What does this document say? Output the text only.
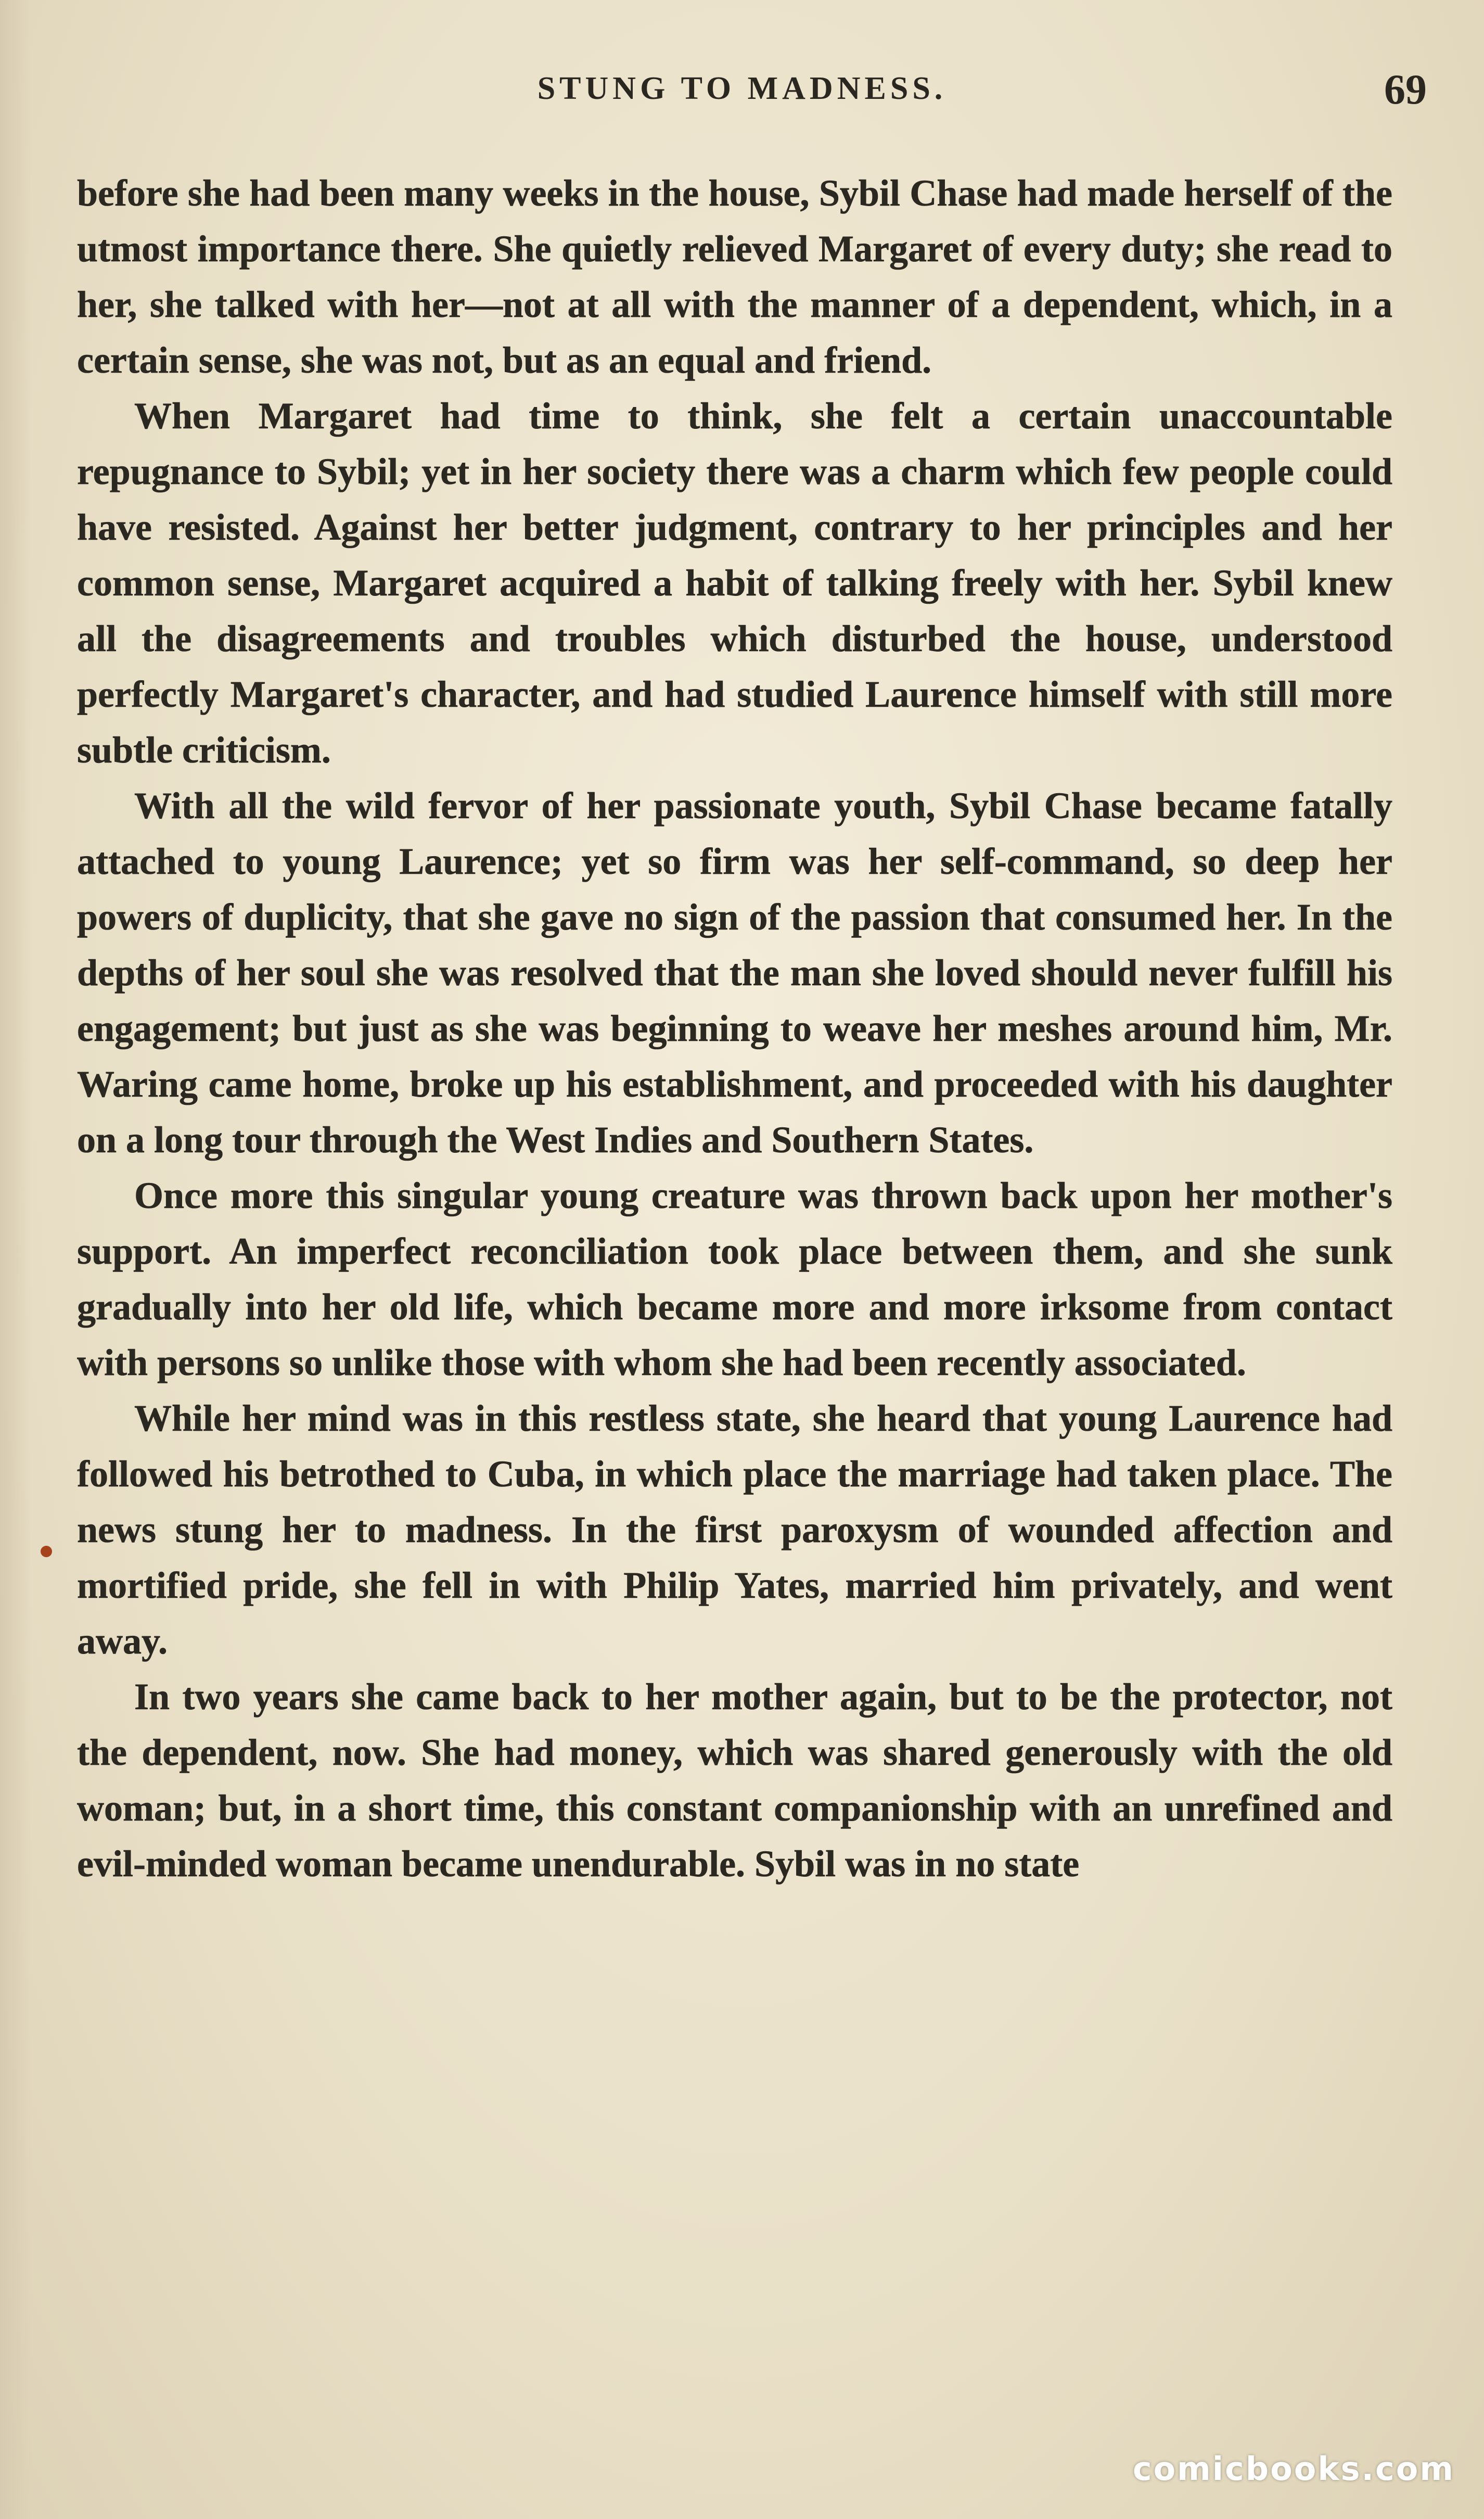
STUNG TO MADNESS.	69

before she had been many weeks in the house, Sybil Chase had made herself of the utmost importance there. She quietly relieved Margaret of every duty; she read to her, she talked with her—not at all with the manner of a dependent, which, in a certain sense, she was not, but as an equal and friend.

When Margaret had time to think, she felt a certain unaccountable repugnance to Sybil; yet in her society there was a charm which few people could have resisted. Against her better judgment, contrary to her principles and her common sense, Margaret acquired a habit of talking freely with her. Sybil knew all the disagreements and troubles which disturbed the house, understood perfectly Margaret's character, and had studied Laurence himself with still more subtle criticism.

With all the wild fervor of her passionate youth, Sybil Chase became fatally attached to young Laurence; yet so firm was her self-command, so deep her powers of duplicity, that she gave no sign of the passion that consumed her. In the depths of her soul she was resolved that the man she loved should never fulfill his engagement; but just as she was beginning to weave her meshes around him, Mr. Waring came home, broke up his establishment, and proceeded with his daughter on a long tour through the West Indies and Southern States.

Once more this singular young creature was thrown back upon her mother's support. An imperfect reconciliation took place between them, and she sunk gradually into her old life, which became more and more irksome from contact with persons so unlike those with whom she had been recently associated.

While her mind was in this restless state, she heard that young Laurence had followed his betrothed to Cuba, in which place the marriage had taken place. The news stung her to madness. In the first paroxysm of wounded affection and mortified pride, she fell in with Philip Yates, married him privately, and went away.

In two years she came back to her mother again, but to be the protector, not the dependent, now. She had money, which was shared generously with the old woman; but, in a short time, this constant companionship with an unrefined and evil-minded woman became unendurable. Sybil was in no state

comicbooks.com
